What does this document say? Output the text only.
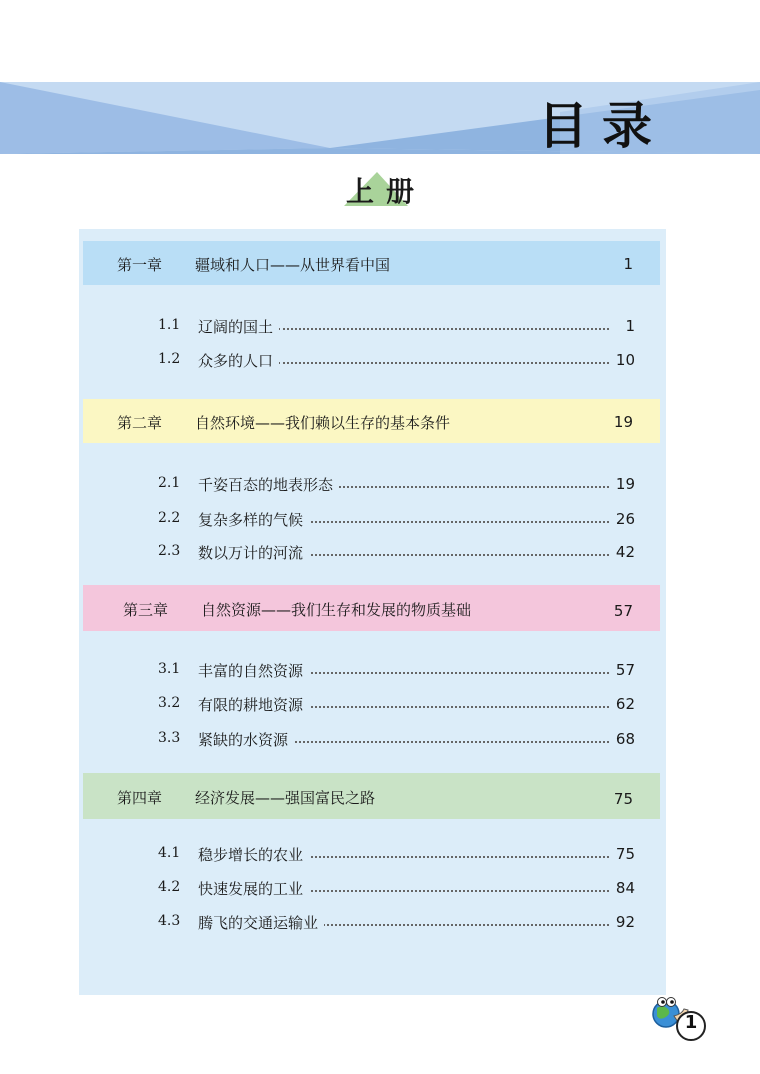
目录
上册
第一章 疆域和人口——从世界看中国	1
1.1 辽阔的国土	1
1.2 众多的人口	10
第二章 自然环境——我们赖以生存的基本条件	19
2.1 千姿百态的地表形态	19
2.2 复杂多样的气候	26
2.3 数以万计的河流	42
第三章 自然资源——我们生存和发展的物质基础	57
3.1 丰富的自然资源	57
3.2 有限的耕地资源	62
3.3 紧缺的水资源	68
第四章 经济发展——强国富民之路	75
4.1 稳步增长的农业	75
4.2 快速发展的工业	84
4.3 腾飞的交通运输业	92
1
